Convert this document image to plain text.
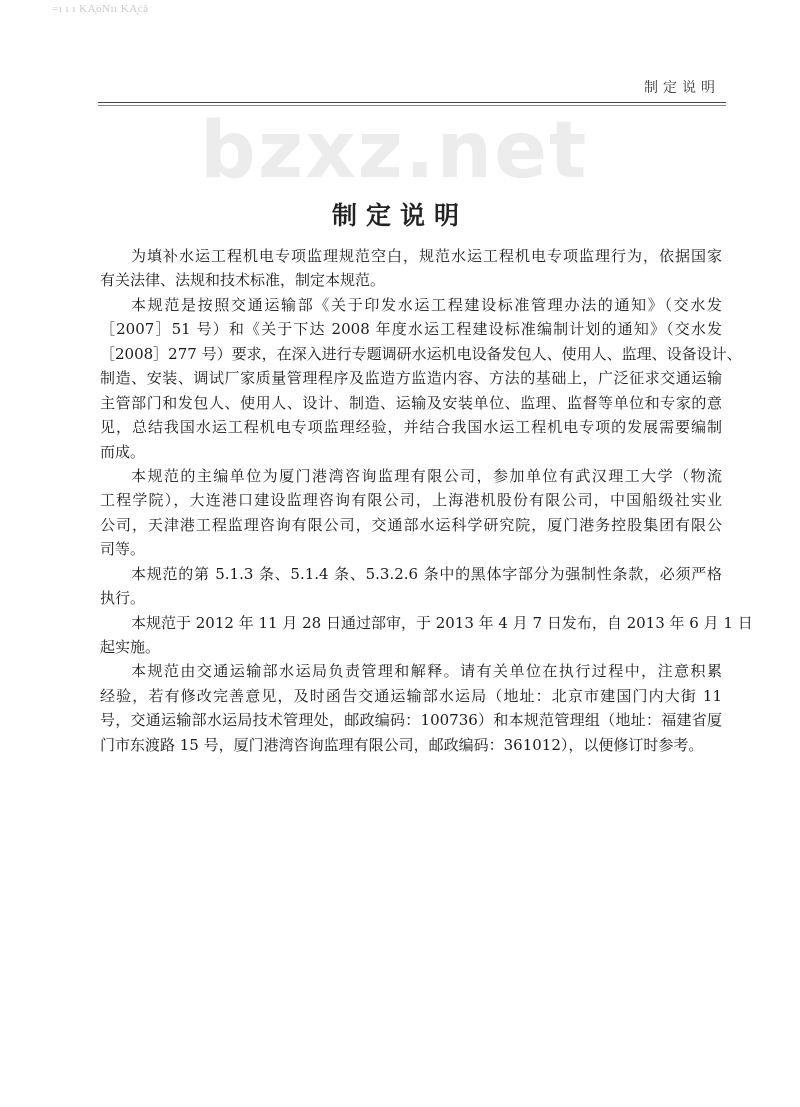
=ı ı ı KA̧òNıı KA̧ćā
制定说明
bzxz.net
制定说明
为填补水运工程机电专项监理规范空白，规范水运工程机电专项监理行为，依据国家
有关法律、法规和技术标准，制定本规范。
本规范是按照交通运输部《关于印发水运工程建设标准管理办法的通知》（交水发
［2007］51 号）和《关于下达 2008 年度水运工程建设标准编制计划的通知》（交水发
［2008］277 号）要求，在深入进行专题调研水运机电设备发包人、使用人、监理、设备设计、
制造、安装、调试厂家质量管理程序及监造方监造内容、方法的基础上，广泛征求交通运输
主管部门和发包人、使用人、设计、制造、运输及安装单位、监理、监督等单位和专家的意
见，总结我国水运工程机电专项监理经验，并结合我国水运工程机电专项的发展需要编制
而成。
本规范的主编单位为厦门港湾咨询监理有限公司，参加单位有武汉理工大学（物流
工程学院），大连港口建设监理咨询有限公司，上海港机股份有限公司，中国船级社实业
公司，天津港工程监理咨询有限公司，交通部水运科学研究院，厦门港务控股集团有限公
司等。
本规范的第 5.1.3 条、5.1.4 条、5.3.2.6 条中的黑体字部分为强制性条款，必须严格
执行。
本规范于 2012 年 11 月 28 日通过部审，于 2013 年 4 月 7 日发布，自 2013 年 6 月 1 日
起实施。
本规范由交通运输部水运局负责管理和解释。请有关单位在执行过程中，注意积累
经验，若有修改完善意见，及时函告交通运输部水运局（地址：北京市建国门内大街 11
号，交通运输部水运局技术管理处，邮政编码：100736）和本规范管理组（地址：福建省厦
门市东渡路 15 号，厦门港湾咨询监理有限公司，邮政编码：361012），以便修订时参考。
